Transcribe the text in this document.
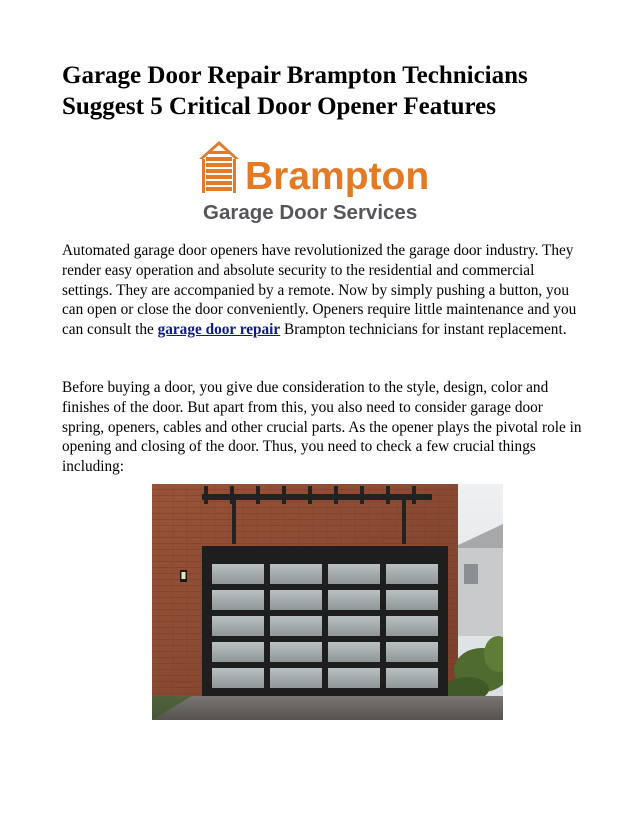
Garage Door Repair Brampton Technicians
Suggest 5 Critical Door Opener Features
Brampton
Garage Door Services

Automated garage door openers have revolutionized the garage door industry. They render easy operation and absolute security to the residential and commercial settings. They are accompanied by a remote. Now by simply pushing a button, you can open or close the door conveniently. Openers require little maintenance and you can consult the garage door repair Brampton technicians for instant replacement.

Before buying a door, you give due consideration to the style, design, color and finishes of the door. But apart from this, you also need to consider garage door spring, openers, cables and other crucial parts. As the opener plays the pivotal role in opening and closing of the door. Thus, you need to check a few crucial things including:
